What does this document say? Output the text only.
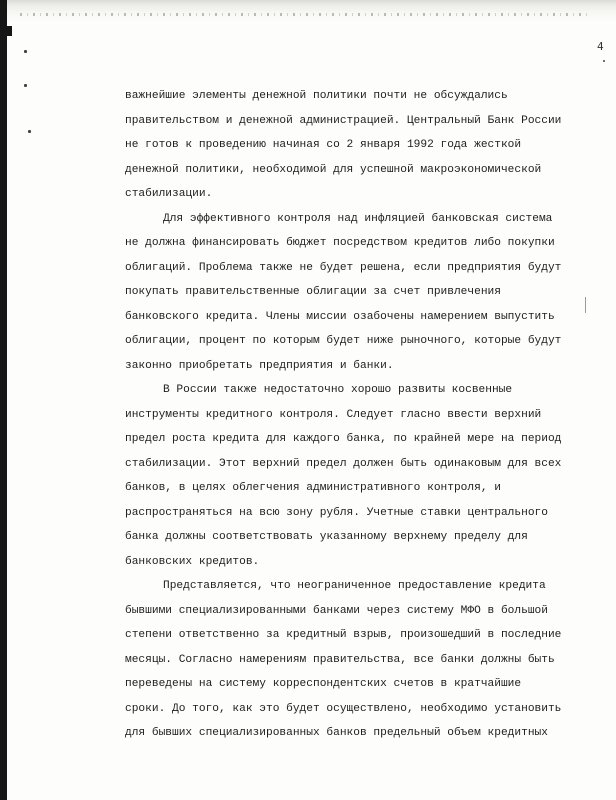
4

важнейшие элементы денежной политики почти не обсуждались

правительством и денежной администрацией. Центральный Банк России

не готов к проведению начиная со 2 января 1992 года жесткой

денежной политики, необходимой для успешной макроэкономической

стабилизации.

Для эффективного контроля над инфляцией банковская система

не должна финансировать бюджет посредством кредитов либо покупки

облигаций. Проблема также не будет решена, если предприятия будут

покупать правительственные облигации за счет привлечения

банковского кредита. Члены миссии озабочены намерением выпустить

облигации, процент по которым будет ниже рыночного, которые будут

законно приобретать предприятия и банки.

В России также недостаточно хорошо развиты косвенные

инструменты кредитного контроля. Следует гласно ввести верхний

предел роста кредита для каждого банка, по крайней мере на период

стабилизации. Этот верхний предел должен быть одинаковым для всех

банков, в целях облегчения административного контроля, и

распространяться на всю зону рубля. Учетные ставки центрального

банка должны соответствовать указанному верхнему пределу для

банковских кредитов.

Представляется, что неограниченное предоставление кредита

бывшими специализированными банками через систему МФО в большой

степени ответственно за кредитный взрыв, произошедший в последние

месяцы. Согласно намерениям правительства, все банки должны быть

переведены на систему корреспондентских счетов в кратчайшие

сроки. До того, как это будет осуществлено, необходимо установить

для бывших специализированных банков предельный объем кредитных
